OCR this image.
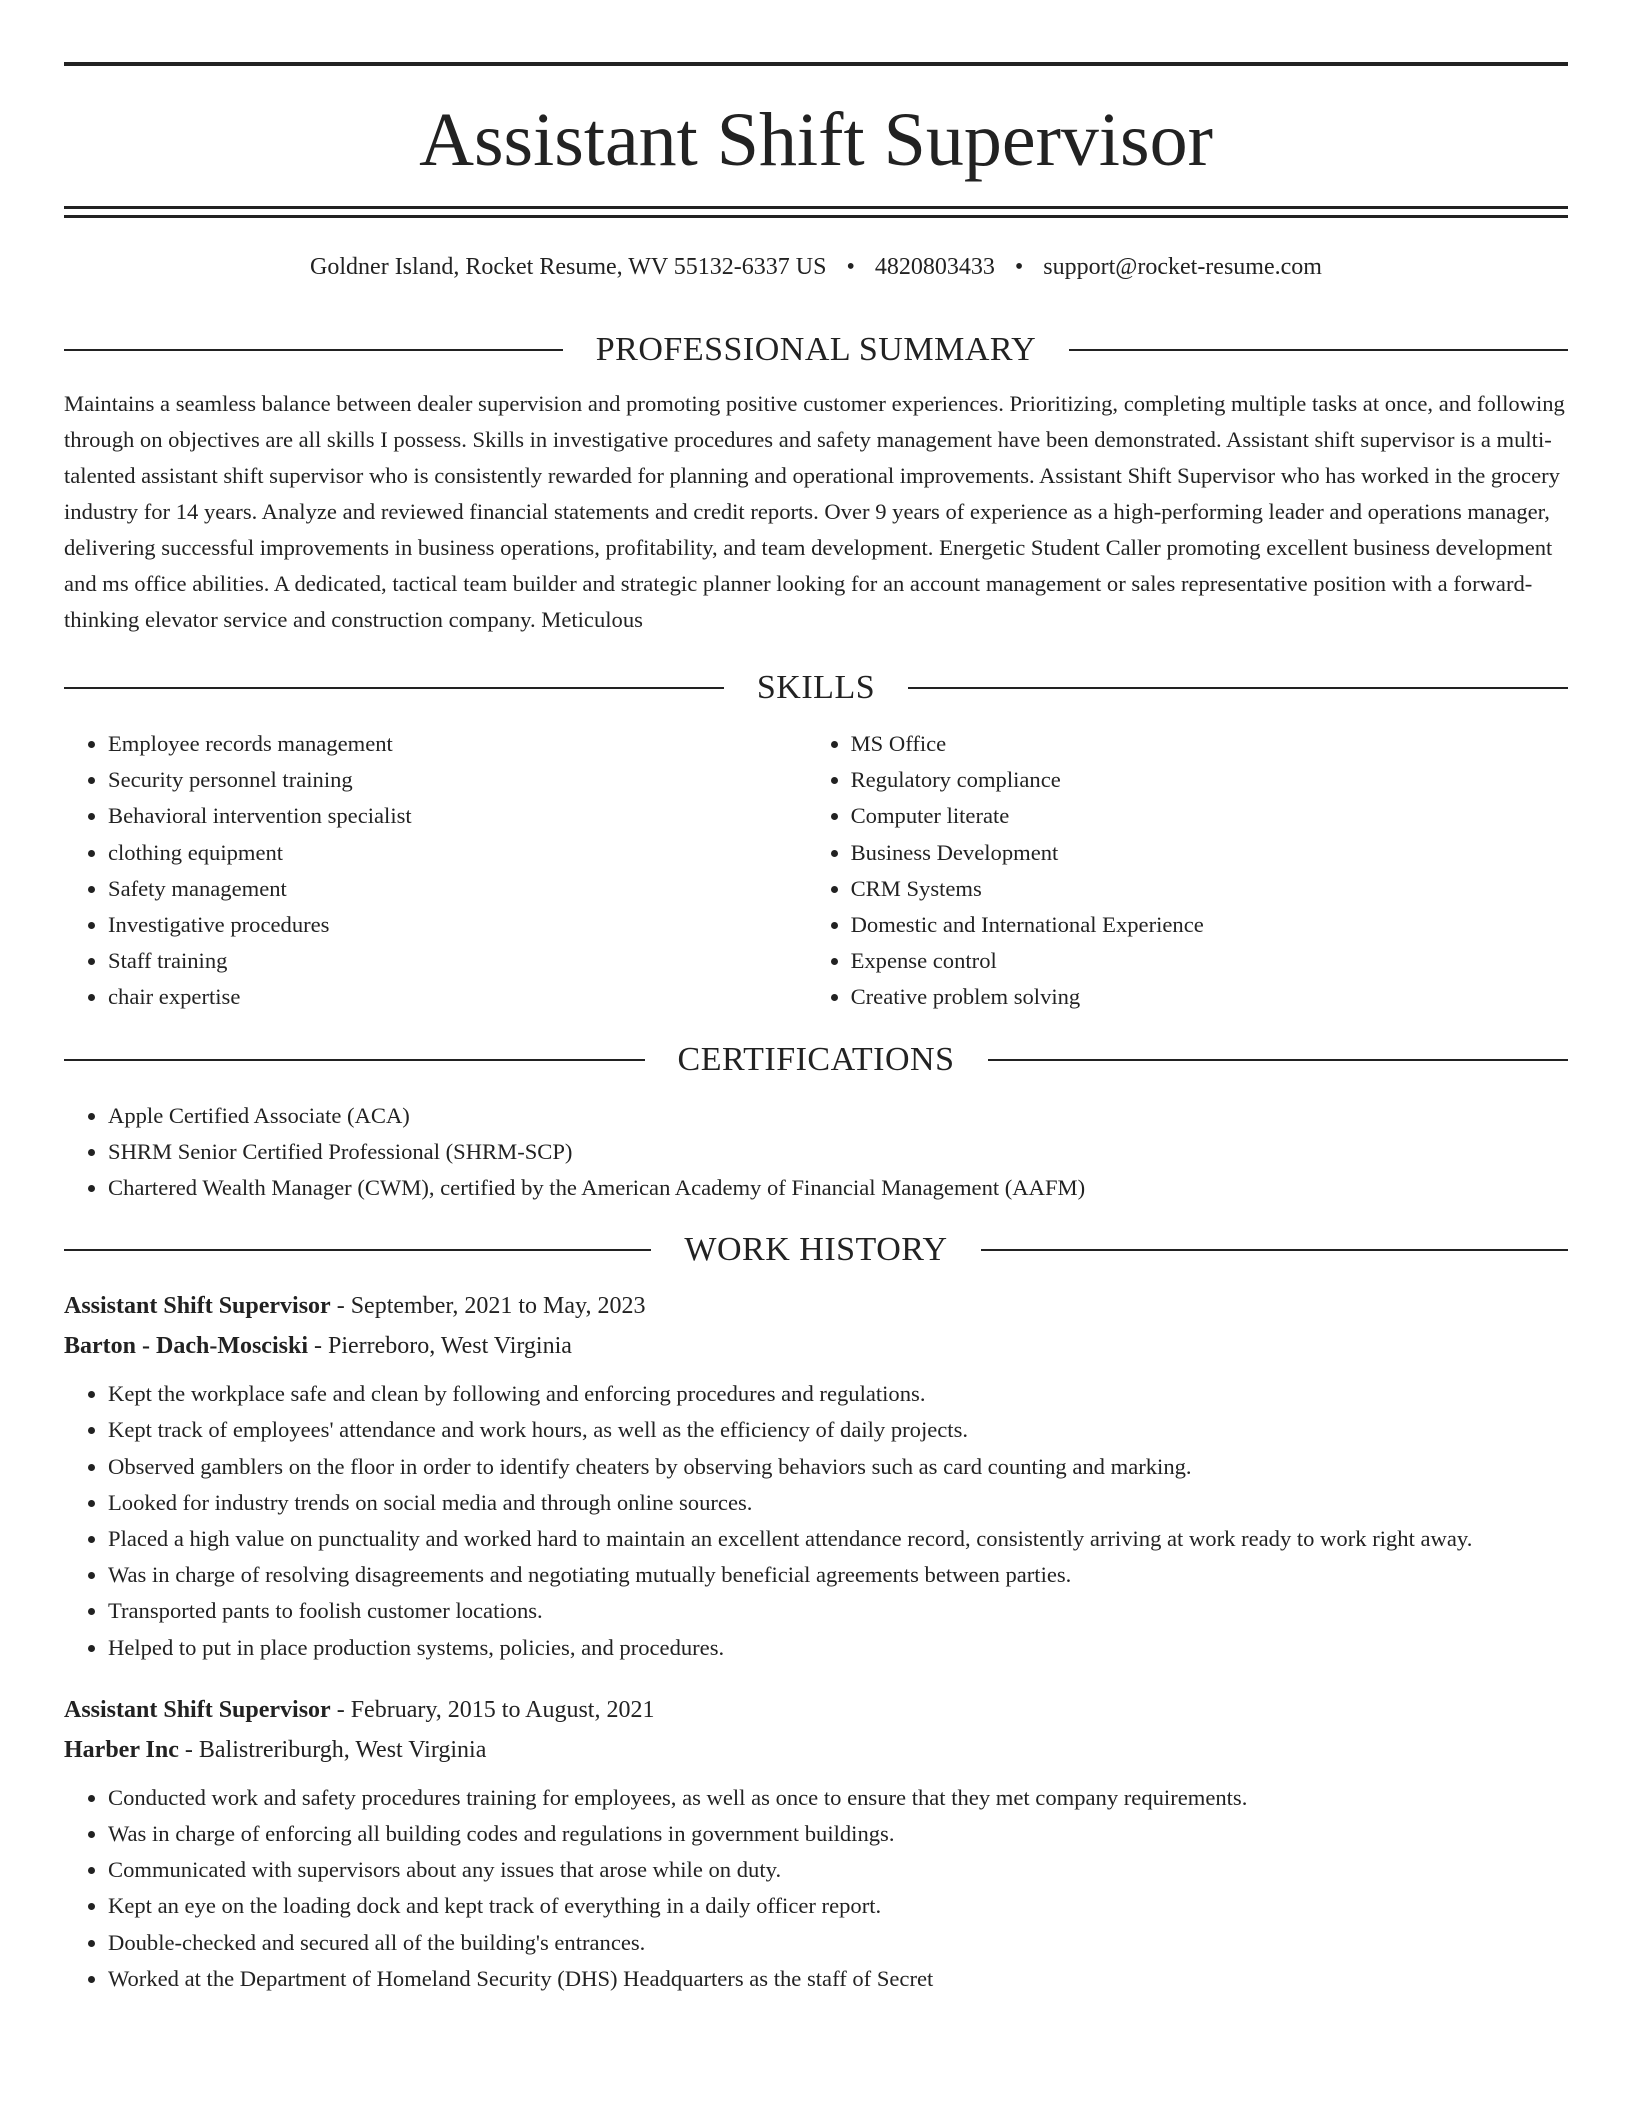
Assistant Shift Supervisor
Goldner Island, Rocket Resume, WV 55132-6337 US • 4820803433 • support@rocket-resume.com
PROFESSIONAL SUMMARY
Maintains a seamless balance between dealer supervision and promoting positive customer experiences. Prioritizing, completing multiple tasks at once, and following through on objectives are all skills I possess. Skills in investigative procedures and safety management have been demonstrated. Assistant shift supervisor is a multi-talented assistant shift supervisor who is consistently rewarded for planning and operational improvements. Assistant Shift Supervisor who has worked in the grocery industry for 14 years. Analyze and reviewed financial statements and credit reports. Over 9 years of experience as a high-performing leader and operations manager, delivering successful improvements in business operations, profitability, and team development. Energetic Student Caller promoting excellent business development and ms office abilities. A dedicated, tactical team builder and strategic planner looking for an account management or sales representative position with a forward-thinking elevator service and construction company. Meticulous
SKILLS
• Employee records management
• Security personnel training
• Behavioral intervention specialist
• clothing equipment
• Safety management
• Investigative procedures
• Staff training
• chair expertise
• MS Office
• Regulatory compliance
• Computer literate
• Business Development
• CRM Systems
• Domestic and International Experience
• Expense control
• Creative problem solving
CERTIFICATIONS
• Apple Certified Associate (ACA)
• SHRM Senior Certified Professional (SHRM-SCP)
• Chartered Wealth Manager (CWM), certified by the American Academy of Financial Management (AAFM)
WORK HISTORY
Assistant Shift Supervisor - September, 2021 to May, 2023
Barton - Dach-Mosciski - Pierreboro, West Virginia
• Kept the workplace safe and clean by following and enforcing procedures and regulations.
• Kept track of employees' attendance and work hours, as well as the efficiency of daily projects.
• Observed gamblers on the floor in order to identify cheaters by observing behaviors such as card counting and marking.
• Looked for industry trends on social media and through online sources.
• Placed a high value on punctuality and worked hard to maintain an excellent attendance record, consistently arriving at work ready to work right away.
• Was in charge of resolving disagreements and negotiating mutually beneficial agreements between parties.
• Transported pants to foolish customer locations.
• Helped to put in place production systems, policies, and procedures.
Assistant Shift Supervisor - February, 2015 to August, 2021
Harber Inc - Balistreriburgh, West Virginia
• Conducted work and safety procedures training for employees, as well as once to ensure that they met company requirements.
• Was in charge of enforcing all building codes and regulations in government buildings.
• Communicated with supervisors about any issues that arose while on duty.
• Kept an eye on the loading dock and kept track of everything in a daily officer report.
• Double-checked and secured all of the building's entrances.
• Worked at the Department of Homeland Security (DHS) Headquarters as the staff of Secret
